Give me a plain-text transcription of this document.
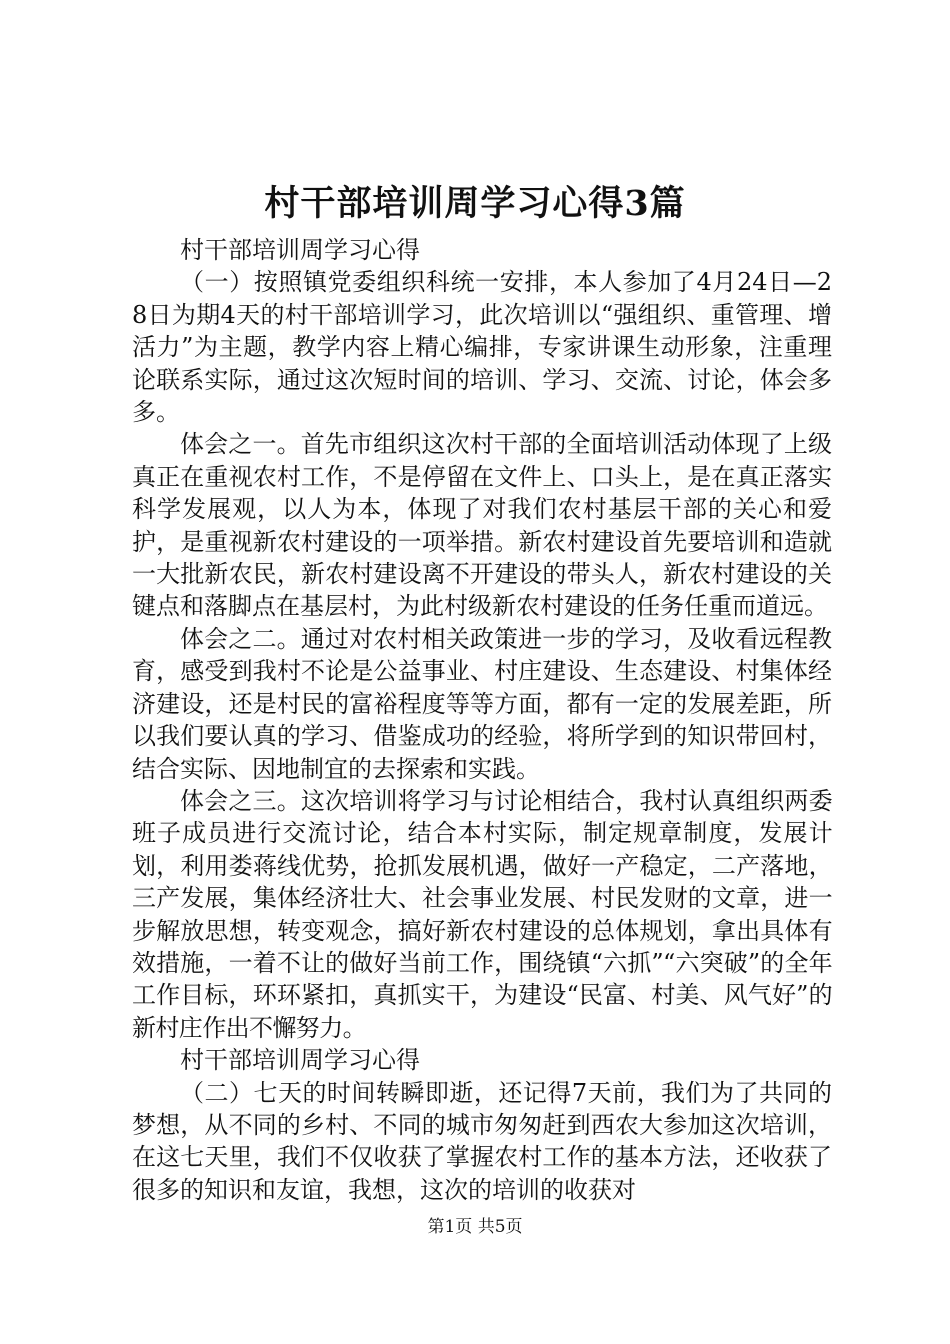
村干部培训周学习心得3篇

村干部培训周学习心得

（一）按照镇党委组织科统一安排，本人参加了4月24日—28日为期4天的村干部培训学习，此次培训以“强组织、重管理、增活力”为主题，教学内容上精心编排，专家讲课生动形象，注重理论联系实际，通过这次短时间的培训、学习、交流、讨论，体会多多。

体会之一。首先市组织这次村干部的全面培训活动体现了上级真正在重视农村工作，不是停留在文件上、口头上，是在真正落实科学发展观，以人为本，体现了对我们农村基层干部的关心和爱护，是重视新农村建设的一项举措。新农村建设首先要培训和造就一大批新农民，新农村建设离不开建设的带头人，新农村建设的关键点和落脚点在基层村，为此村级新农村建设的任务任重而道远。

体会之二。通过对农村相关政策进一步的学习，及收看远程教育，感受到我村不论是公益事业、村庄建设、生态建设、村集体经济建设，还是村民的富裕程度等等方面，都有一定的发展差距，所以我们要认真的学习、借鉴成功的经验，将所学到的知识带回村，结合实际、因地制宜的去探索和实践。

体会之三。这次培训将学习与讨论相结合，我村认真组织两委班子成员进行交流讨论，结合本村实际，制定规章制度，发展计划，利用娄蒋线优势，抢抓发展机遇，做好一产稳定，二产落地，三产发展，集体经济壮大、社会事业发展、村民发财的文章，进一步解放思想，转变观念，搞好新农村建设的总体规划，拿出具体有效措施，一着不让的做好当前工作，围绕镇“六抓”“六突破”的全年工作目标，环环紧扣，真抓实干，为建设“民富、村美、风气好”的新村庄作出不懈努力。

村干部培训周学习心得

（二）七天的时间转瞬即逝，还记得7天前，我们为了共同的梦想，从不同的乡村、不同的城市匆匆赶到西农大参加这次培训，在这七天里，我们不仅收获了掌握农村工作的基本方法，还收获了很多的知识和友谊，我想，这次的培训的收获对

第1页 共5页
